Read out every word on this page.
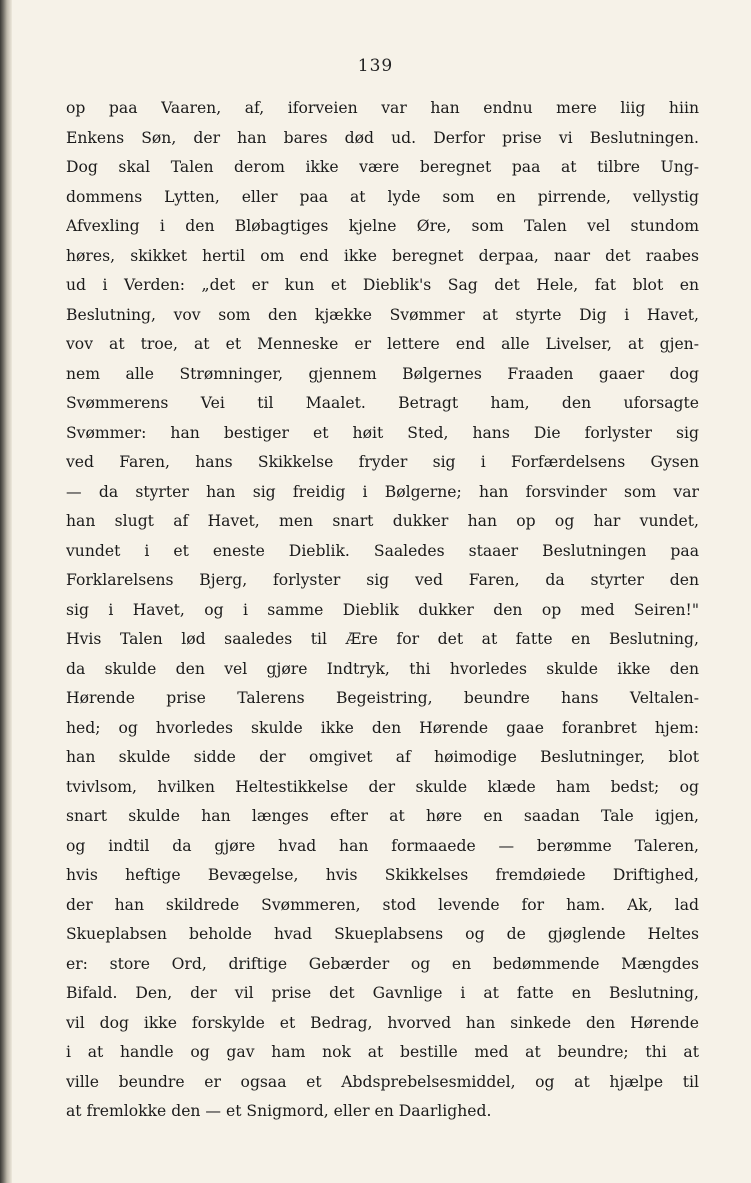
139
op paa Vaaren, af, iforveien var han endnu mere liig hiin
Enkens Søn, der han bares død ud. Derfor prise vi Beslutningen.
Dog skal Talen derom ikke være beregnet paa at tilbre Ung-
dommens Lytten, eller paa at lyde som en pirrende, vellystig
Afvexling i den Bløbagtiges kjelne Øre, som Talen vel stundom
høres, skikket hertil om end ikke beregnet derpaa, naar det raabes
ud i Verden: „det er kun et Dieblik's Sag det Hele, fat blot en
Beslutning, vov som den kjække Svømmer at styrte Dig i Havet,
vov at troe, at et Menneske er lettere end alle Livelser, at gjen-
nem alle Strømninger, gjennem Bølgernes Fraaden gaaer dog
Svømmerens Vei til Maalet. Betragt ham, den uforsagte
Svømmer: han bestiger et høit Sted, hans Die forlyster sig
ved Faren, hans Skikkelse fryder sig i Forfærdelsens Gysen
— da styrter han sig freidig i Bølgerne; han forsvinder som var
han slugt af Havet, men snart dukker han op og har vundet,
vundet i et eneste Dieblik. Saaledes staaer Beslutningen paa
Forklarelsens Bjerg, forlyster sig ved Faren, da styrter den
sig i Havet, og i samme Dieblik dukker den op med Seiren!"
Hvis Talen lød saaledes til Ære for det at fatte en Beslutning,
da skulde den vel gjøre Indtryk, thi hvorledes skulde ikke den
Hørende prise Talerens Begeistring, beundre hans Veltalen-
hed; og hvorledes skulde ikke den Hørende gaae foranbret hjem:
han skulde sidde der omgivet af høimodige Beslutninger, blot
tvivlsom, hvilken Heltestikkelse der skulde klæde ham bedst; og
snart skulde han længes efter at høre en saadan Tale igjen,
og indtil da gjøre hvad han formaaede — berømme Taleren,
hvis heftige Bevægelse, hvis Skikkelses fremdøiede Driftighed,
der han skildrede Svømmeren, stod levende for ham. Ak, lad
Skueplabsen beholde hvad Skueplabsens og de gjøglende Heltes
er: store Ord, driftige Gebærder og en bedømmende Mængdes
Bifald. Den, der vil prise det Gavnlige i at fatte en Beslutning,
vil dog ikke forskylde et Bedrag, hvorved han sinkede den Hørende
i at handle og gav ham nok at bestille med at beundre; thi at
ville beundre er ogsaa et Abdsprebelsesmiddel, og at hjælpe til
at fremlokke den — et Snigmord, eller en Daarlighed.
